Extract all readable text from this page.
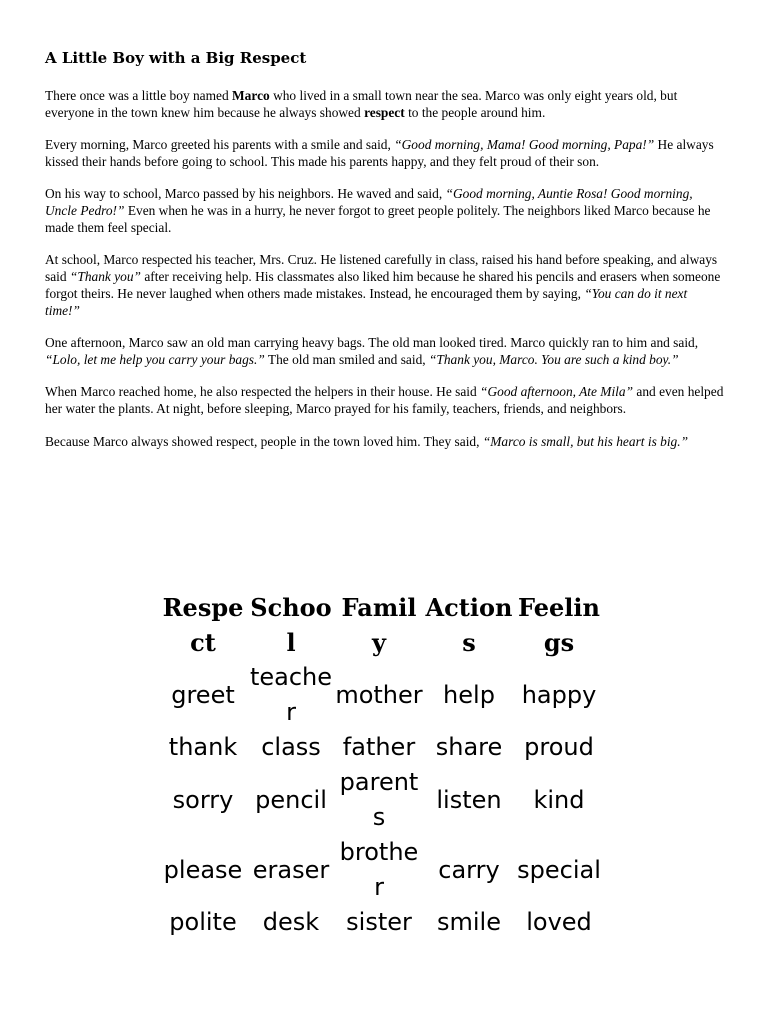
A Little Boy with a Big Respect

There once was a little boy named Marco who lived in a small town near the sea. Marco was only eight years old, but everyone in the town knew him because he always showed respect to the people around him.

Every morning, Marco greeted his parents with a smile and said, “Good morning, Mama! Good morning, Papa!” He always kissed their hands before going to school. This made his parents happy, and they felt proud of their son.

On his way to school, Marco passed by his neighbors. He waved and said, “Good morning, Auntie Rosa! Good morning, Uncle Pedro!” Even when he was in a hurry, he never forgot to greet people politely. The neighbors liked Marco because he made them feel special.

At school, Marco respected his teacher, Mrs. Cruz. He listened carefully in class, raised his hand before speaking, and always said “Thank you” after receiving help. His classmates also liked him because he shared his pencils and erasers when someone forgot theirs. He never laughed when others made mistakes. Instead, he encouraged them by saying, “You can do it next time!”

One afternoon, Marco saw an old man carrying heavy bags. The old man looked tired. Marco quickly ran to him and said, “Lolo, let me help you carry your bags.” The old man smiled and said, “Thank you, Marco. You are such a kind boy.”

When Marco reached home, he also respected the helpers in their house. He said “Good afternoon, Ate Mila” and even helped her water the plants. At night, before sleeping, Marco prayed for his family, teachers, friends, and neighbors.

Because Marco always showed respect, people in the town loved him. They said, “Marco is small, but his heart is big.”

Respect	School	Family	Actions	Feelings
greet	teacher	mother	help	happy
thank	class	father	share	proud
sorry	pencil	parents	listen	kind
please	eraser	brother	carry	special
polite	desk	sister	smile	loved
